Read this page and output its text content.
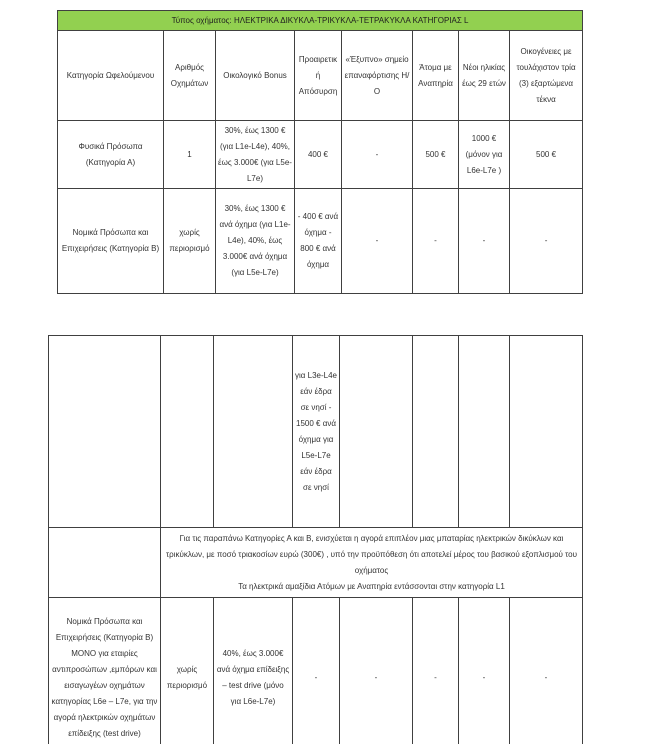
Τύπος οχήματος: ΗΛΕΚΤΡΙΚΑ ΔΙΚΥΚΛΑ-ΤΡΙΚΥΚΛΑ-ΤΕΤΡΑΚΥΚΛΑ ΚΑΤΗΓΟΡΙΑΣ L							
Κατηγορία Ωφελούμενου	Αριθμός Οχημάτων	Οικολογικό Bonus	Προαιρετική Απόσυρση	«Έξυπνο» σημείο επαναφόρτισης Η/Ο	Άτομα με Αναπηρία	Νέοι ηλικίας έως 29 ετών	Οικογένειες με τουλάχιστον τρία (3) εξαρτώμενα τέκνα
Φυσικά Πρόσωπα (Κατηγορία Α)	1	30%, έως 1300 € (για L1e-L4e), 40%, έως 3.000€ (για L5e-L7e)	400 €	-	500 €	1000 € (μόνον για L6e-L7e )	500 €
Νομικά Πρόσωπα και Επιχειρήσεις (Κατηγορία Β)	χωρίς περιορισμό	30%, έως 1300 € ανά όχημα (για L1e-L4e), 40%, έως 3.000€ ανά όχημα (για L5e-L7e)	- 400 € ανά όχημα - 800 € ανά όχημα	-	-	-	-
			για L3e-L4e εάν έδρα σε νησί - 1500 € ανά όχημα για L5e-L7e εάν έδρα σε νησί				

	Για τις παραπάνω Κατηγορίες Α και Β, ενισχύεται η αγορά επιπλέον μιας μπαταρίας ηλεκτρικών δικύκλων και τρικύκλων, με ποσό τριακοσίων ευρώ (300€) , υπό την προϋπόθεση ότι αποτελεί μέρος του βασικού εξοπλισμού του οχήματος
Τα ηλεκτρικά αμαξίδια Ατόμων με Αναπηρία εντάσσονται στην κατηγορία L1						

Νομικά Πρόσωπα και Επιχειρήσεις (Κατηγορία Β) ΜΟΝΟ για εταιρίες αντιπροσώπων ,εμπόρων και εισαγωγέων οχημάτων κατηγορίας L6e – L7e, για την αγορά ηλεκτρικών οχημάτων επίδειξης (test drive)	χωρίς περιορισμό	40%, έως 3.000€ ανά όχημα επίδειξης – test drive (μόνο για L6e-L7e)	-	-	-	-	-
